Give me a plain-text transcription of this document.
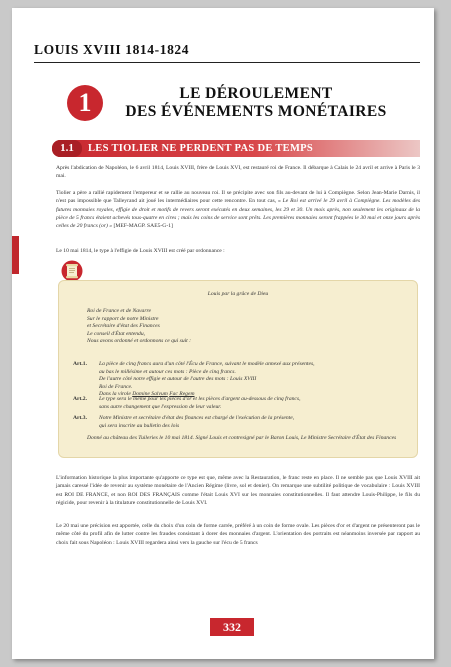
LOUIS XVIII 1814-1824
1	LE DÉROULEMENT
DES ÉVÉNEMENTS MONÉTAIRES
1.1	LES TIOLIER NE PERDENT PAS DE TEMPS

Après l'abdication de Napoléon, le 6 avril 1814, Louis XVIII, frère de Louis XVI, est restauré roi de France. Il débarque à Calais le 24 avril et arrive à Paris le 3 mai.

Tiolier a père a rallié rapidement l'empereur et se rallie au nouveau roi. Il se précipite avec son fils au-devant de lui à Compiègne. Selon Jean-Marie Darnis, il n'est pas impossible que Talleyrand ait joué les intermédiaires pour cette rencontre. En tout cas, « Le Roi est arrivé le 29 avril à Compiègne. Les modèles des futures monnaies royales, effigie de droit et motifs de revers seront exécutés en deux semaines, les 29 et 30. Un mois après, non seulement les originaux de la pièce de 5 francs étaient achevés tous-quatre en cires ; mais les coins de service sont prêts. Les premières monnaies seront frappées le 30 mai et onze jours après celles de 20 francs (or) » [MEF-MAGP. SAE5-G-1]

Le 10 mai 1814, le type à l'effigie de Louis XVIII est créé par ordonnance :

Louis par la grâce de Dieu
Roi de France et de Navarre
Sur le rapport de notre Ministre
et Secrétaire d'état des Finances
Le conseil d'État entendu,
Nous avons ordonné et ordonnons ce qui suit :
Art.1. La pièce de cinq francs aura d'un côté l'Écu de France, suivant le modèle annexé aux présentes,
au bas le millésime et autour ces mots : Pièce de cinq francs.
De l'autre côté notre effigie et autour de l'autre des mots : Louis XVIII
Roi de France.
Dans la virole Domine Salvum Fac Regem
Art.2. Le type sera le même pour les pièces d'or et les pièces d'argent au-dessous de cinq francs,
sans autre changement que l'expression de leur valeur.
Art.3. Notre Ministre et secrétaire d'état des finances est chargé de l'exécution de la présente,
qui sera inscrite au bulletin des lois
Donné au château des Tuileries le 10 mai 1814. Signé Louis et contresigné par le Baron Louis, Le Ministre Secrétaire d'État des Finances

L'information historique la plus importante qu'apporte ce type est que, même avec la Restauration, le franc reste en place. Il ne semble pas que Louis XVIII ait jamais caressé l'idée de revenir au système monétaire de l'Ancien Régime (livre, sol et denier). On remarque une subtilité politique de vocabulaire : Louis XVIII est ROI DE FRANCE, et non ROI DES FRANÇAIS comme l'était Louis XVI sur les monnaies constitutionnelles. Il faut attendre Louis-Philippe, le fils du régicide, pour revenir à la titulature constitutionnelle de Louis XVI.

Le 20 mai une précision est apportée, celle du choix d'un coin de forme carrée, préféré à un coin de forme ovale. Les pièces d'or et d'argent ne présenteront pas le même côté du profil afin de lutter contre les fraudes consistant à dorer des monnaies d'argent. L'orientation des portraits est néanmoins inversée par rapport au choix fait sous Napoléon : Louis XVIII regardera ainsi vers la gauche sur l'écu de 5 francs

332
